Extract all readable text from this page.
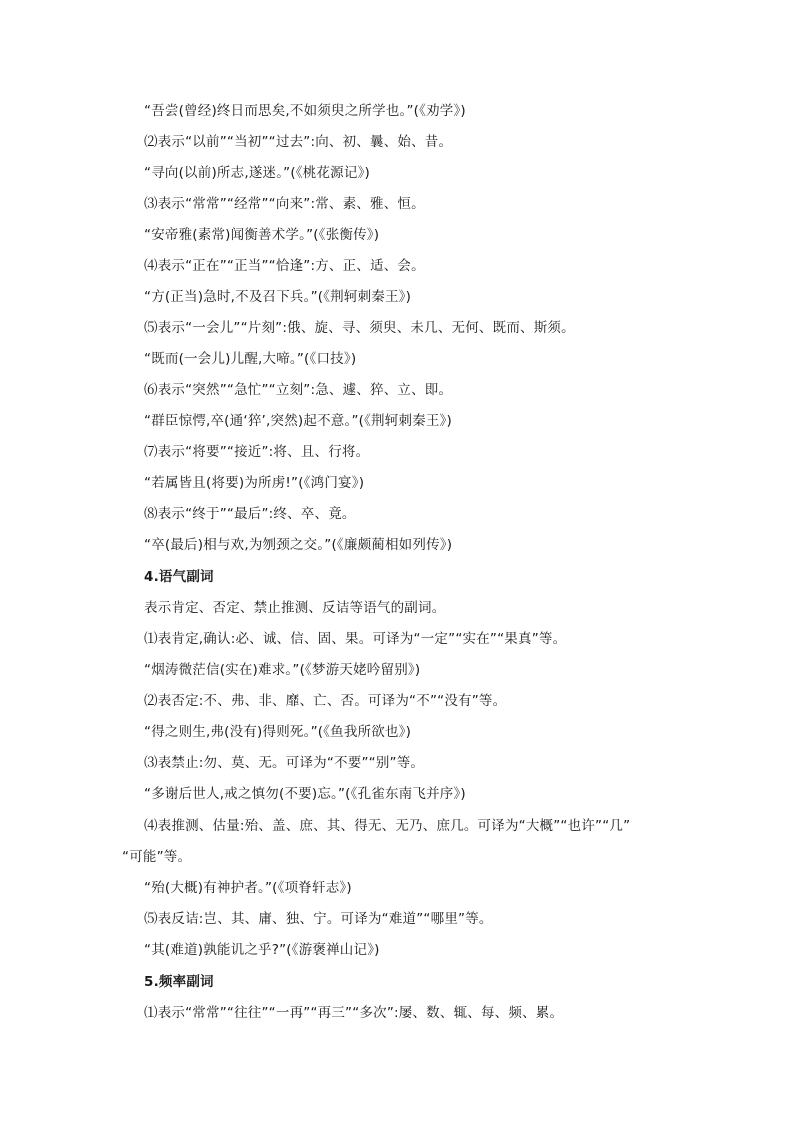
“吾尝(曾经)终日而思矣,不如须臾之所学也。”(《劝学》)
⑵表示“以前”“当初”“过去”:向、初、曩、始、昔。
“寻向(以前)所志,遂迷。”(《桃花源记》)
⑶表示“常常”“经常”“向来”:常、素、雅、恒。
“安帝雅(素常)闻衡善术学。”(《张衡传》)
⑷表示“正在”“正当”“恰逢”:方、正、适、会。
“方(正当)急时,不及召下兵。”(《荆轲刺秦王》)
⑸表示“一会儿”“片刻”:俄、旋、寻、须臾、未几、无何、既而、斯须。
“既而(一会儿)儿醒,大啼。”(《口技》)
⑹表示“突然”“急忙”“立刻”:急、遽、猝、立、即。
“群臣惊愕,卒(通‘猝’,突然)起不意。”(《荆轲刺秦王》)
⑺表示“将要”“接近”:将、且、行将。
“若属皆且(将要)为所虏!”(《鸿门宴》)
⑻表示“终于”“最后”:终、卒、竟。
“卒(最后)相与欢,为刎颈之交。”(《廉颇蔺相如列传》)
4.语气副词
表示肯定、否定、禁止推测、反诘等语气的副词。
⑴表肯定,确认:必、诚、信、固、果。可译为“一定”“实在”“果真”等。
“烟涛微茫信(实在)难求。”(《梦游天姥吟留别》)
⑵表否定:不、弗、非、靡、亡、否。可译为“不”“没有”等。
“得之则生,弗(没有)得则死。”(《鱼我所欲也》)
⑶表禁止:勿、莫、无。可译为“不要”“别”等。
“多谢后世人,戒之慎勿(不要)忘。”(《孔雀东南飞并序》)
⑷表推测、估量:殆、盖、庶、其、得无、无乃、庶几。可译为“大概”“也许”“几”
“可能”等。
“殆(大概)有神护者。”(《项脊轩志》)
⑸表反诘:岂、其、庸、独、宁。可译为“难道”“哪里”等。
“其(难道)孰能讥之乎?”(《游褒禅山记》)
5.频率副词
⑴表示“常常”“往往”“一再”“再三”“多次”:屡、数、辄、每、频、累。
